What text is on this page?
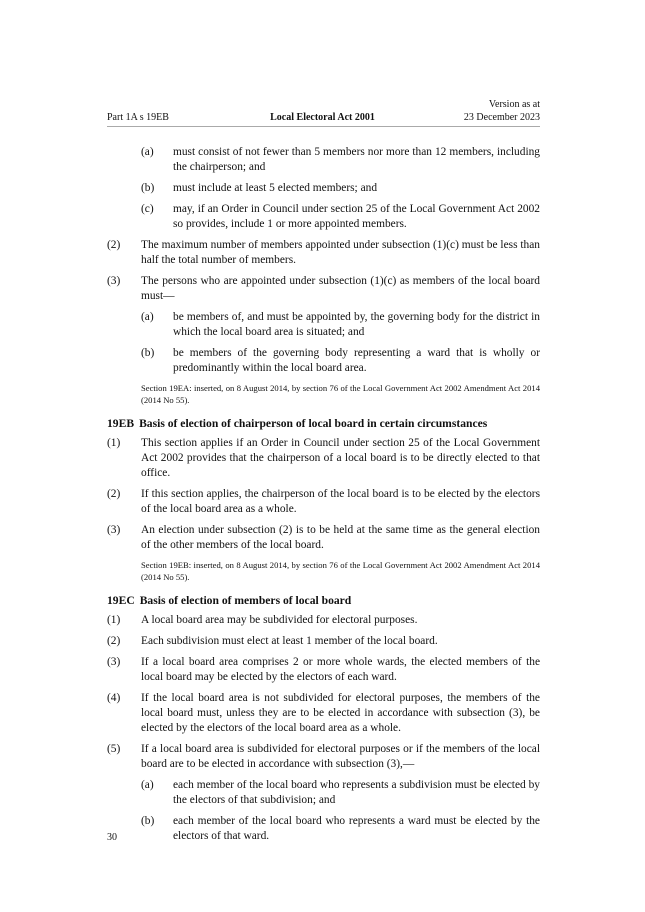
Version as at
23 December 2023
Part 1A s 19EB	Local Electoral Act 2001
(a) must consist of not fewer than 5 members nor more than 12 members, including the chairperson; and
(b) must include at least 5 elected members; and
(c) may, if an Order in Council under section 25 of the Local Government Act 2002 so provides, include 1 or more appointed members.
(2) The maximum number of members appointed under subsection (1)(c) must be less than half the total number of members.
(3) The persons who are appointed under subsection (1)(c) as members of the local board must—
(a) be members of, and must be appointed by, the governing body for the district in which the local board area is situated; and
(b) be members of the governing body representing a ward that is wholly or predominantly within the local board area.
Section 19EA: inserted, on 8 August 2014, by section 76 of the Local Government Act 2002 Amendment Act 2014 (2014 No 55).
19EB Basis of election of chairperson of local board in certain circumstances
(1) This section applies if an Order in Council under section 25 of the Local Government Act 2002 provides that the chairperson of a local board is to be directly elected to that office.
(2) If this section applies, the chairperson of the local board is to be elected by the electors of the local board area as a whole.
(3) An election under subsection (2) is to be held at the same time as the general election of the other members of the local board.
Section 19EB: inserted, on 8 August 2014, by section 76 of the Local Government Act 2002 Amendment Act 2014 (2014 No 55).
19EC Basis of election of members of local board
(1) A local board area may be subdivided for electoral purposes.
(2) Each subdivision must elect at least 1 member of the local board.
(3) If a local board area comprises 2 or more whole wards, the elected members of the local board may be elected by the electors of each ward.
(4) If the local board area is not subdivided for electoral purposes, the members of the local board must, unless they are to be elected in accordance with subsection (3), be elected by the electors of the local board area as a whole.
(5) If a local board area is subdivided for electoral purposes or if the members of the local board are to be elected in accordance with subsection (3),—
(a) each member of the local board who represents a subdivision must be elected by the electors of that subdivision; and
(b) each member of the local board who represents a ward must be elected by the electors of that ward.
30
